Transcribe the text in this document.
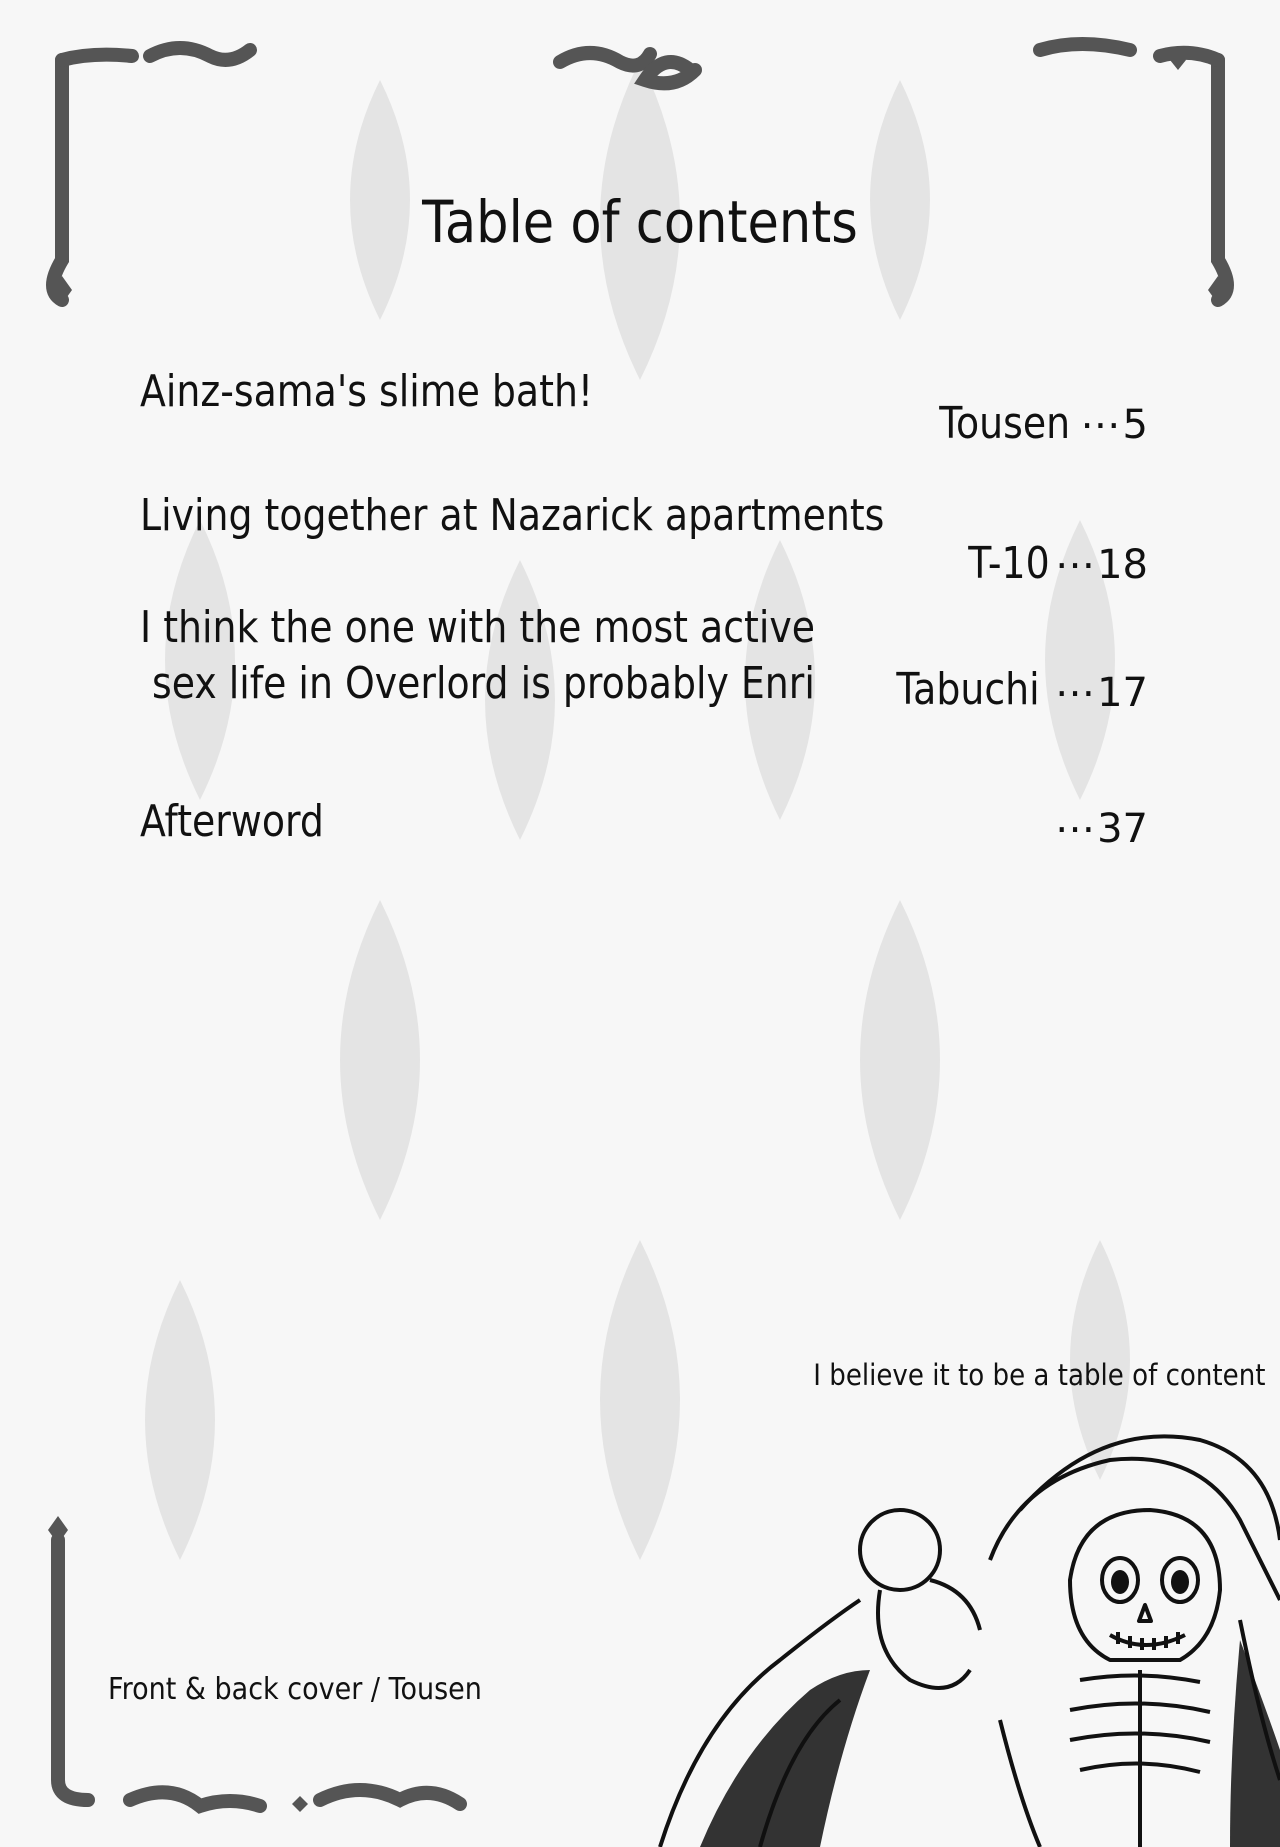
Table of contents
Ainz-sama's slime bath!
Tousen ⋯5
Living together at Nazarick apartments
T-10 ⋯18
I think the one with the most active
sex life in Overlord is probably Enri Tabuchi ⋯17
Afterword	⋯37
I believe it to be a table of content
Front & back cover / Tousen
